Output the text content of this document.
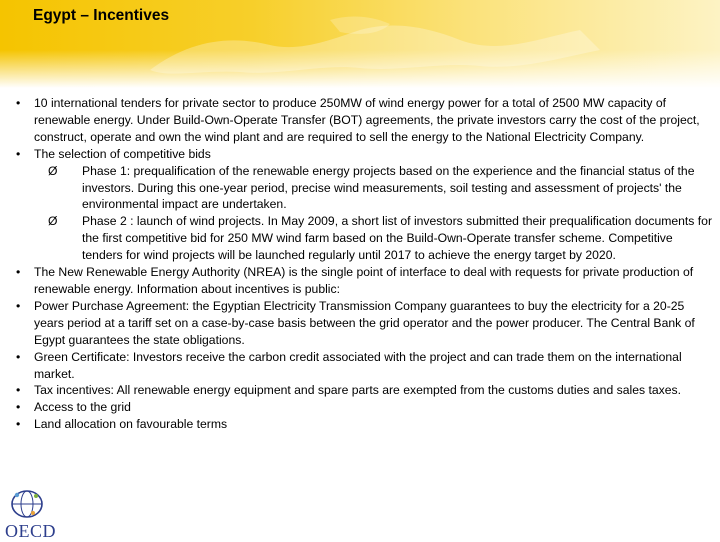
Egypt – Incentives
• 10 international tenders for private sector to produce 250MW of wind energy power for a total of 2500 MW capacity of renewable energy. Under Build-Own-Operate Transfer (BOT) agreements, the private investors carry the cost of the project, construct, operate and own the wind plant and are required to sell the energy to the National Electricity Company.
• The selection of competitive bids
Ø Phase 1: prequalification of the renewable energy projects based on the experience and the financial status of the investors. During this one-year period, precise wind measurements, soil testing and assessment of projects' the environmental impact are undertaken.
Ø Phase 2 : launch of wind projects. In May 2009, a short list of investors submitted their prequalification documents for the first competitive bid for 250 MW wind farm based on the Build-Own-Operate transfer scheme. Competitive tenders for wind projects will be launched regularly until 2017 to achieve the energy target by 2020.
• The New Renewable Energy Authority (NREA) is the single point of interface to deal with requests for private production of renewable energy. Information about incentives is public:
• Power Purchase Agreement: the Egyptian Electricity Transmission Company guarantees to buy the electricity for a 20-25 years period at a tariff set on a case-by-case basis between the grid operator and the power producer. The Central Bank of Egypt guarantees the state obligations.
• Green Certificate: Investors receive the carbon credit associated with the project and can trade them on the international market.
• Tax incentives: All renewable energy equipment and spare parts are exempted from the customs duties and sales taxes.
• Access to the grid
• Land allocation on favourable terms
OECD
